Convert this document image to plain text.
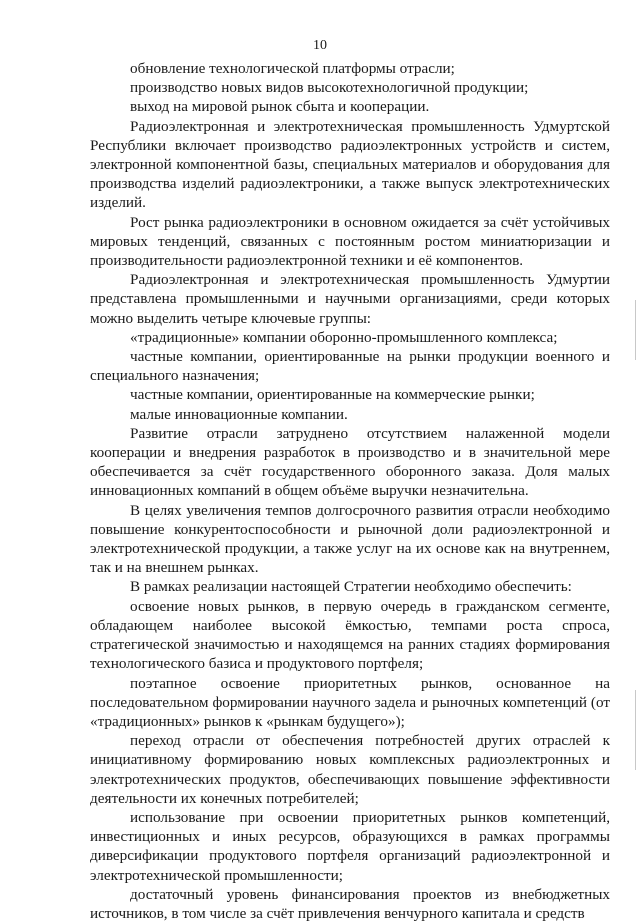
10

обновление технологической платформы отрасли;

производство новых видов высокотехнологичной продукции;

выход на мировой рынок сбыта и кооперации.

Радиоэлектронная и электротехническая промышленность Удмуртской Республики включает производство радиоэлектронных устройств и систем, электронной компонентной базы, специальных материалов и оборудования для производства изделий радиоэлектроники, а также выпуск электротехнических изделий.

Рост рынка радиоэлектроники в основном ожидается за счёт устойчивых мировых тенденций, связанных с постоянным ростом миниатюризации и производительности радиоэлектронной техники и её компонентов.

Радиоэлектронная и электротехническая промышленность Удмуртии представлена промышленными и научными организациями, среди которых можно выделить четыре ключевые группы:

«традиционные» компании оборонно-промышленного комплекса;

частные компании, ориентированные на рынки продукции военного и специального назначения;

частные компании, ориентированные на коммерческие рынки;

малые инновационные компании.

Развитие отрасли затруднено отсутствием налаженной модели кооперации и внедрения разработок в производство и в значительной мере обеспечивается за счёт государственного оборонного заказа. Доля малых инновационных компаний в общем объёме выручки незначительна.

В целях увеличения темпов долгосрочного развития отрасли необходимо повышение конкурентоспособности и рыночной доли радиоэлектронной и электротехнической продукции, а также услуг на их основе как на внутреннем, так и на внешнем рынках.

В рамках реализации настоящей Стратегии необходимо обеспечить:

освоение новых рынков, в первую очередь в гражданском сегменте, обладающем наиболее высокой ёмкостью, темпами роста спроса, стратегической значимостью и находящемся на ранних стадиях формирования технологического базиса и продуктового портфеля;

поэтапное освоение приоритетных рынков, основанное на последовательном формировании научного задела и рыночных компетенций (от «традиционных» рынков к «рынкам будущего»);

переход отрасли от обеспечения потребностей других отраслей к инициативному формированию новых комплексных радиоэлектронных и электротехнических продуктов, обеспечивающих повышение эффективности деятельности их конечных потребителей;

использование при освоении приоритетных рынков компетенций, инвестиционных и иных ресурсов, образующихся в рамках программы диверсификации продуктового портфеля организаций радиоэлектронной и электротехнической промышленности;

достаточный уровень финансирования проектов из внебюджетных источников, в том числе за счёт привлечения венчурного капитала и средств
